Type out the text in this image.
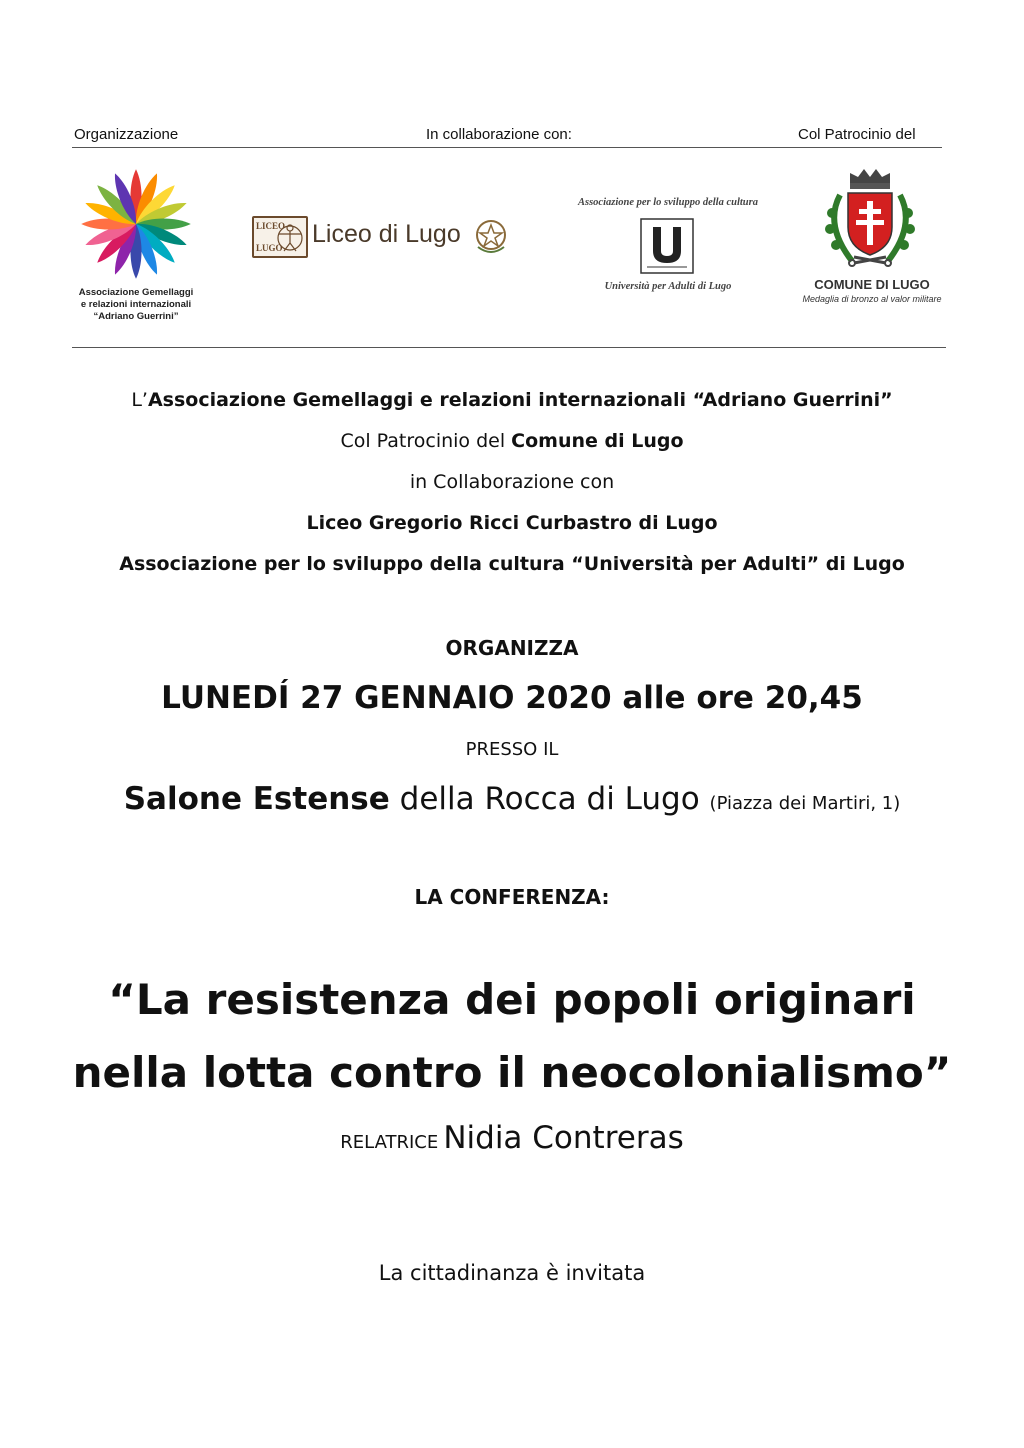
Organizzazione	In collaborazione con:	Col Patrocinio del
Associazione Gemellaggi
e relazioni internazionali
“Adriano Guerrini”
LICEO
LUGO Liceo di Lugo
Associazione per lo sviluppo della cultura
Università per Adulti di Lugo	COMUNE DI LUGO
Medaglia di bronzo al valor militare
L’Associazione Gemellaggi e relazioni internazionali “Adriano Guerrini”
Col Patrocinio del Comune di Lugo
in Collaborazione con
Liceo Gregorio Ricci Curbastro di Lugo
Associazione per lo sviluppo della cultura “Università per Adulti” di Lugo
ORGANIZZA
LUNEDÍ 27 GENNAIO 2020 alle ore 20,45
PRESSO IL
Salone Estense della Rocca di Lugo (Piazza dei Martiri, 1)
LA CONFERENZA:
“La resistenza dei popoli originari
nella lotta contro il neocolonialismo”
RELATRICE Nidia Contreras
La cittadinanza è invitata
